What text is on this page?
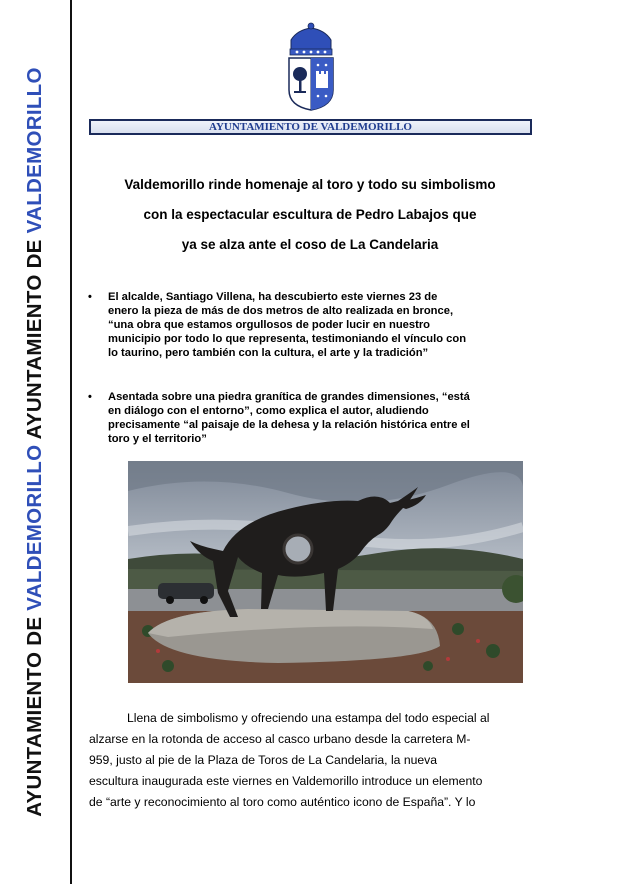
AYUNTAMIENTO DE VALDEMORILLO AYUNTAMIENTO DE VALDEMORILLO	AYUNTAMIENTO DE VALDEMORILLO
Valdemorillo rinde homenaje al toro y todo su simbolismo
con la espectacular escultura de Pedro Labajos que
ya se alza ante el coso de La Candelaria
• El alcalde, Santiago Villena, ha descubierto este viernes 23 de
enero la pieza de más de dos metros de alto realizada en bronce,
“una obra que estamos orgullosos de poder lucir en nuestro
municipio por todo lo que representa, testimoniando el vínculo con
lo taurino, pero también con la cultura, el arte y la tradición”
• Asentada sobre una piedra granítica de grandes dimensiones, “está
en diálogo con el entorno”, como explica el autor, aludiendo
precisamente “al paisaje de la dehesa y la relación histórica entre el
toro y el territorio”
Llena de simbolismo y ofreciendo una estampa del todo especial al
alzarse en la rotonda de acceso al casco urbano desde la carretera M-
959, justo al pie de la Plaza de Toros de La Candelaria, la nueva
escultura inaugurada este viernes en Valdemorillo introduce un elemento
de “arte y reconocimiento al toro como auténtico icono de España”. Y lo
